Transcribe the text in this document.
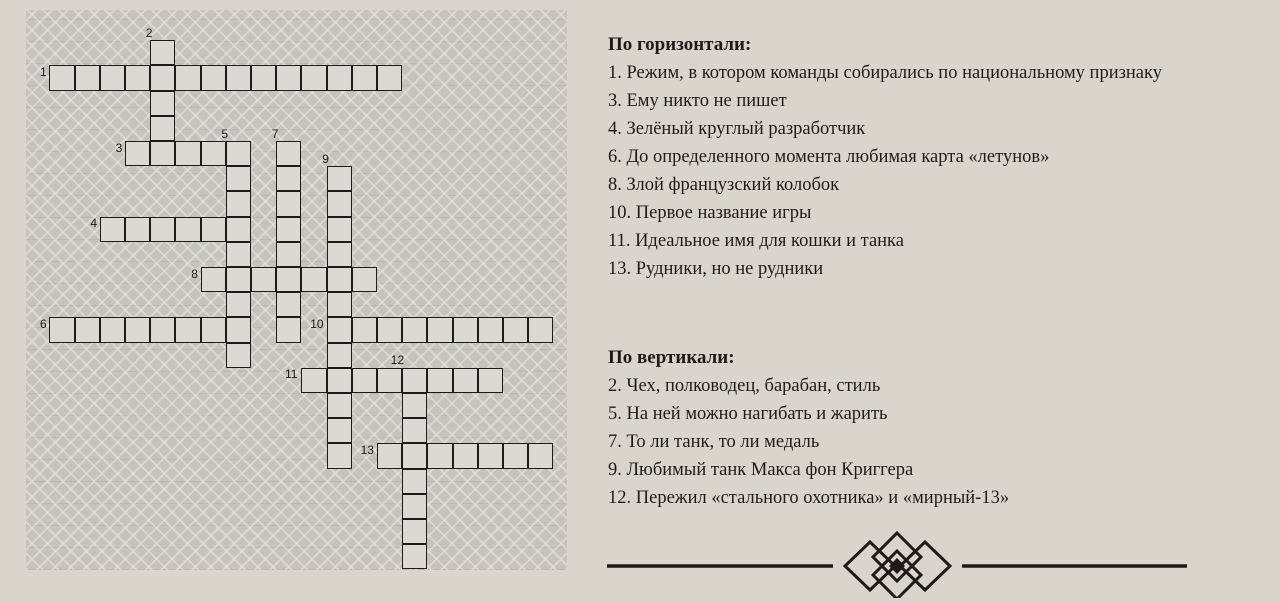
1
2
3
4
5
6
7
8
9
10
11
12
13

По горизонтали:

1. Режим, в котором команды собирались по национальному признаку

3. Ему никто не пишет

4. Зелёный круглый разработчик

6. До определенного момента любимая карта «летунов»

8. Злой французский колобок

10. Первое название игры

11. Идеальное имя для кошки и танка

13. Рудники, но не рудники

По вертикали:

2. Чех, полководец, барабан, стиль

5. На ней можно нагибать и жарить

7. То ли танк, то ли медаль

9. Любимый танк Макса фон Криггера

12. Пережил «стального охотника» и «мирный-13»
